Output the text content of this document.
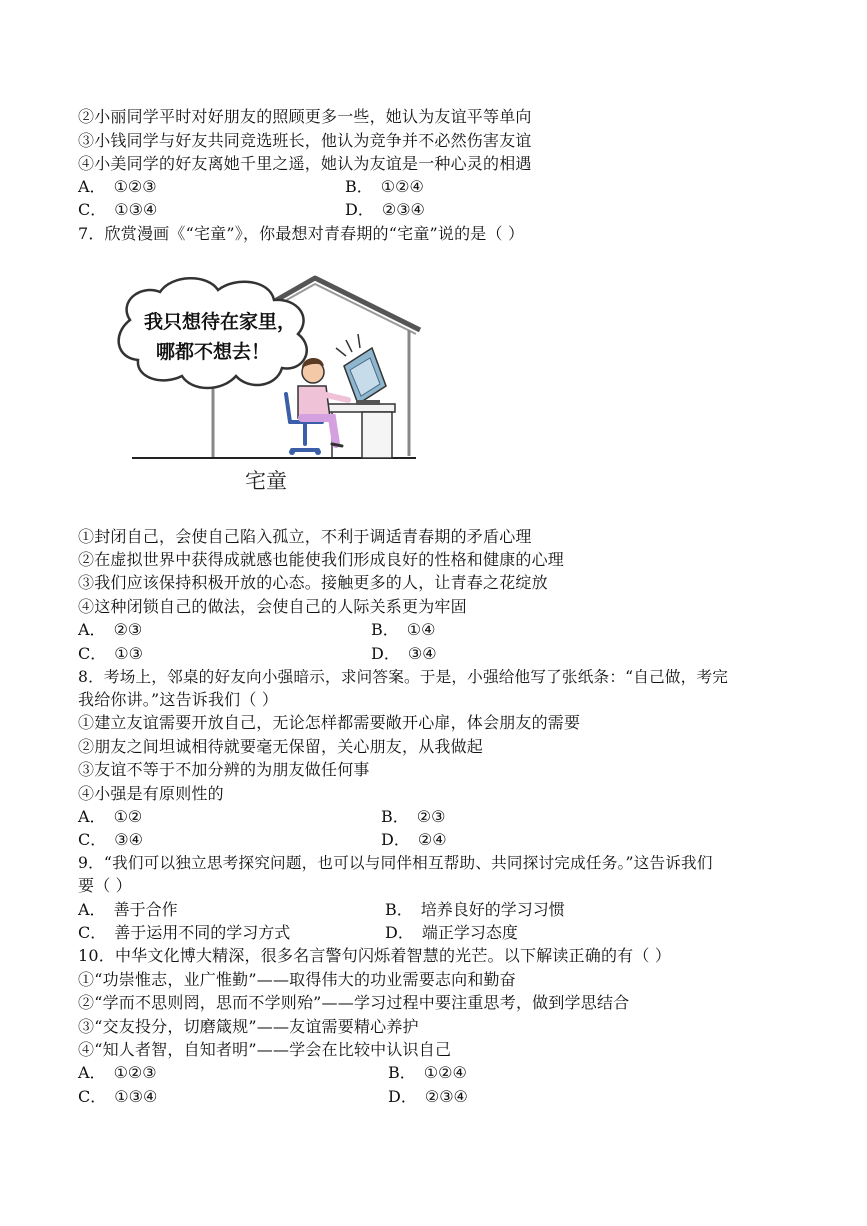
②小丽同学平时对好朋友的照顾更多一些，她认为友谊平等单向
③小钱同学与好友共同竞选班长，他认为竞争并不必然伤害友谊
④小美同学的好友离她千里之遥，她认为友谊是一种心灵的相遇
A． ①②③	B． ①②④
C． ①③④	D． ②③④
7．欣赏漫画《“宅童”》，你最想对青春期的“宅童”说的是（ ）
我只想待在家里，
哪都不想去！
宅童
①封闭自己，会使自己陷入孤立，不利于调适青春期的矛盾心理
②在虚拟世界中获得成就感也能使我们形成良好的性格和健康的心理
③我们应该保持积极开放的心态。接触更多的人，让青春之花绽放
④这种闭锁自己的做法，会使自己的人际关系更为牢固
A． ②③	B． ①④
C． ①③	D． ③④
8．考场上，邻桌的好友向小强暗示，求问答案。于是，小强给他写了张纸条：“自己做，考完
我给你讲。”这告诉我们（ ）
①建立友谊需要开放自己，无论怎样都需要敞开心扉，体会朋友的需要
②朋友之间坦诚相待就要毫无保留，关心朋友，从我做起
③友谊不等于不加分辨的为朋友做任何事
④小强是有原则性的
A． ①②	B． ②③
C． ③④	D． ②④
9．“我们可以独立思考探究问题，也可以与同伴相互帮助、共同探讨完成任务。”这告诉我们
要（ ）
A． 善于合作	B． 培养良好的学习习惯
C． 善于运用不同的学习方式	D． 端正学习态度
10．中华文化博大精深，很多名言警句闪烁着智慧的光芒。以下解读正确的有（ ）
①“功崇惟志，业广惟勤”——取得伟大的功业需要志向和勤奋
②“学而不思则罔，思而不学则殆”——学习过程中要注重思考，做到学思结合
③“交友投分，切磨箴规”——友谊需要精心养护
④“知人者智，自知者明”——学会在比较中认识自己
A． ①②③	B． ①②④
C． ①③④	D． ②③④
